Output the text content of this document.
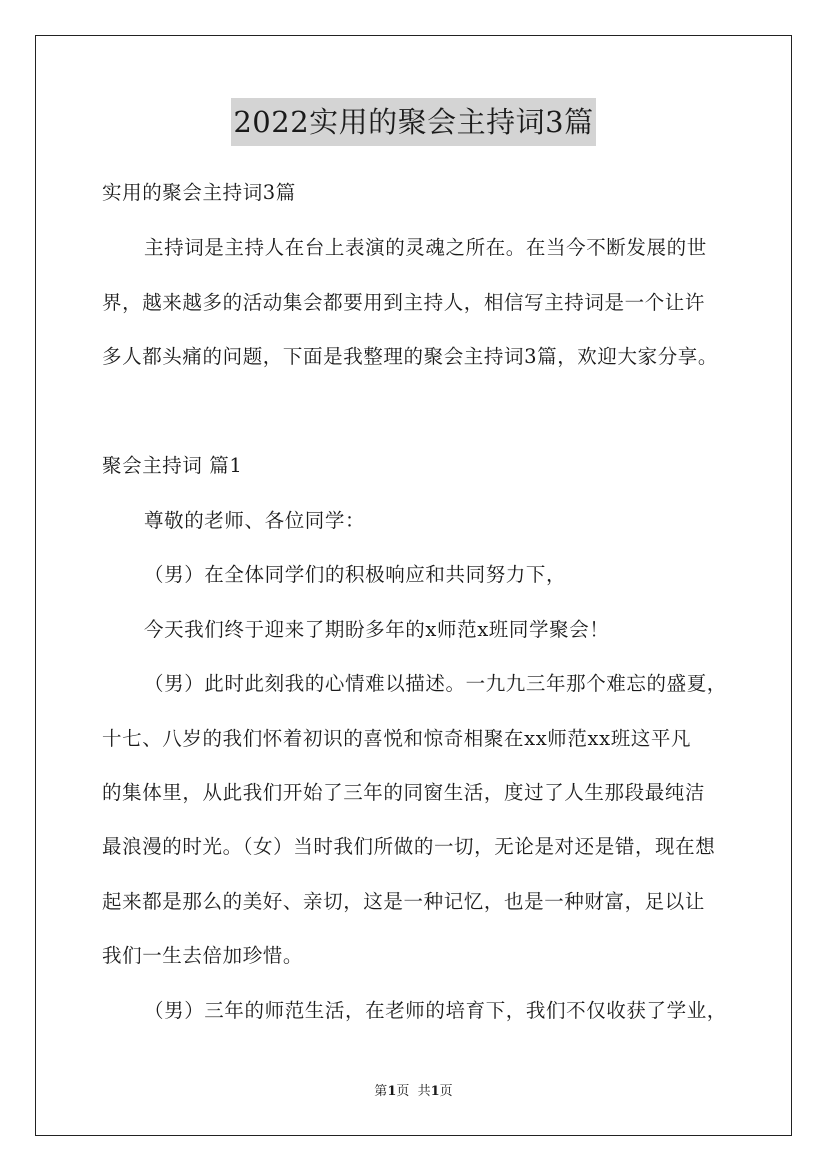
2022实用的聚会主持词3篇
实用的聚会主持词3篇
主持词是主持人在台上表演的灵魂之所在。在当今不断发展的世
界，越来越多的活动集会都要用到主持人，相信写主持词是一个让许
多人都头痛的问题，下面是我整理的聚会主持词3篇，欢迎大家分享。
聚会主持词 篇1
尊敬的老师、各位同学：
（男）在全体同学们的积极响应和共同努力下，
今天我们终于迎来了期盼多年的x师范x班同学聚会！
（男）此时此刻我的心情难以描述。一九九三年那个难忘的盛夏，
十七、八岁的我们怀着初识的喜悦和惊奇相聚在xx师范xx班这平凡
的集体里，从此我们开始了三年的同窗生活，度过了人生那段最纯洁
最浪漫的时光。（女）当时我们所做的一切，无论是对还是错，现在想
起来都是那么的美好、亲切，这是一种记忆，也是一种财富，足以让
我们一生去倍加珍惜。
（男）三年的师范生活，在老师的培育下，我们不仅收获了学业，
第1页  共1页
